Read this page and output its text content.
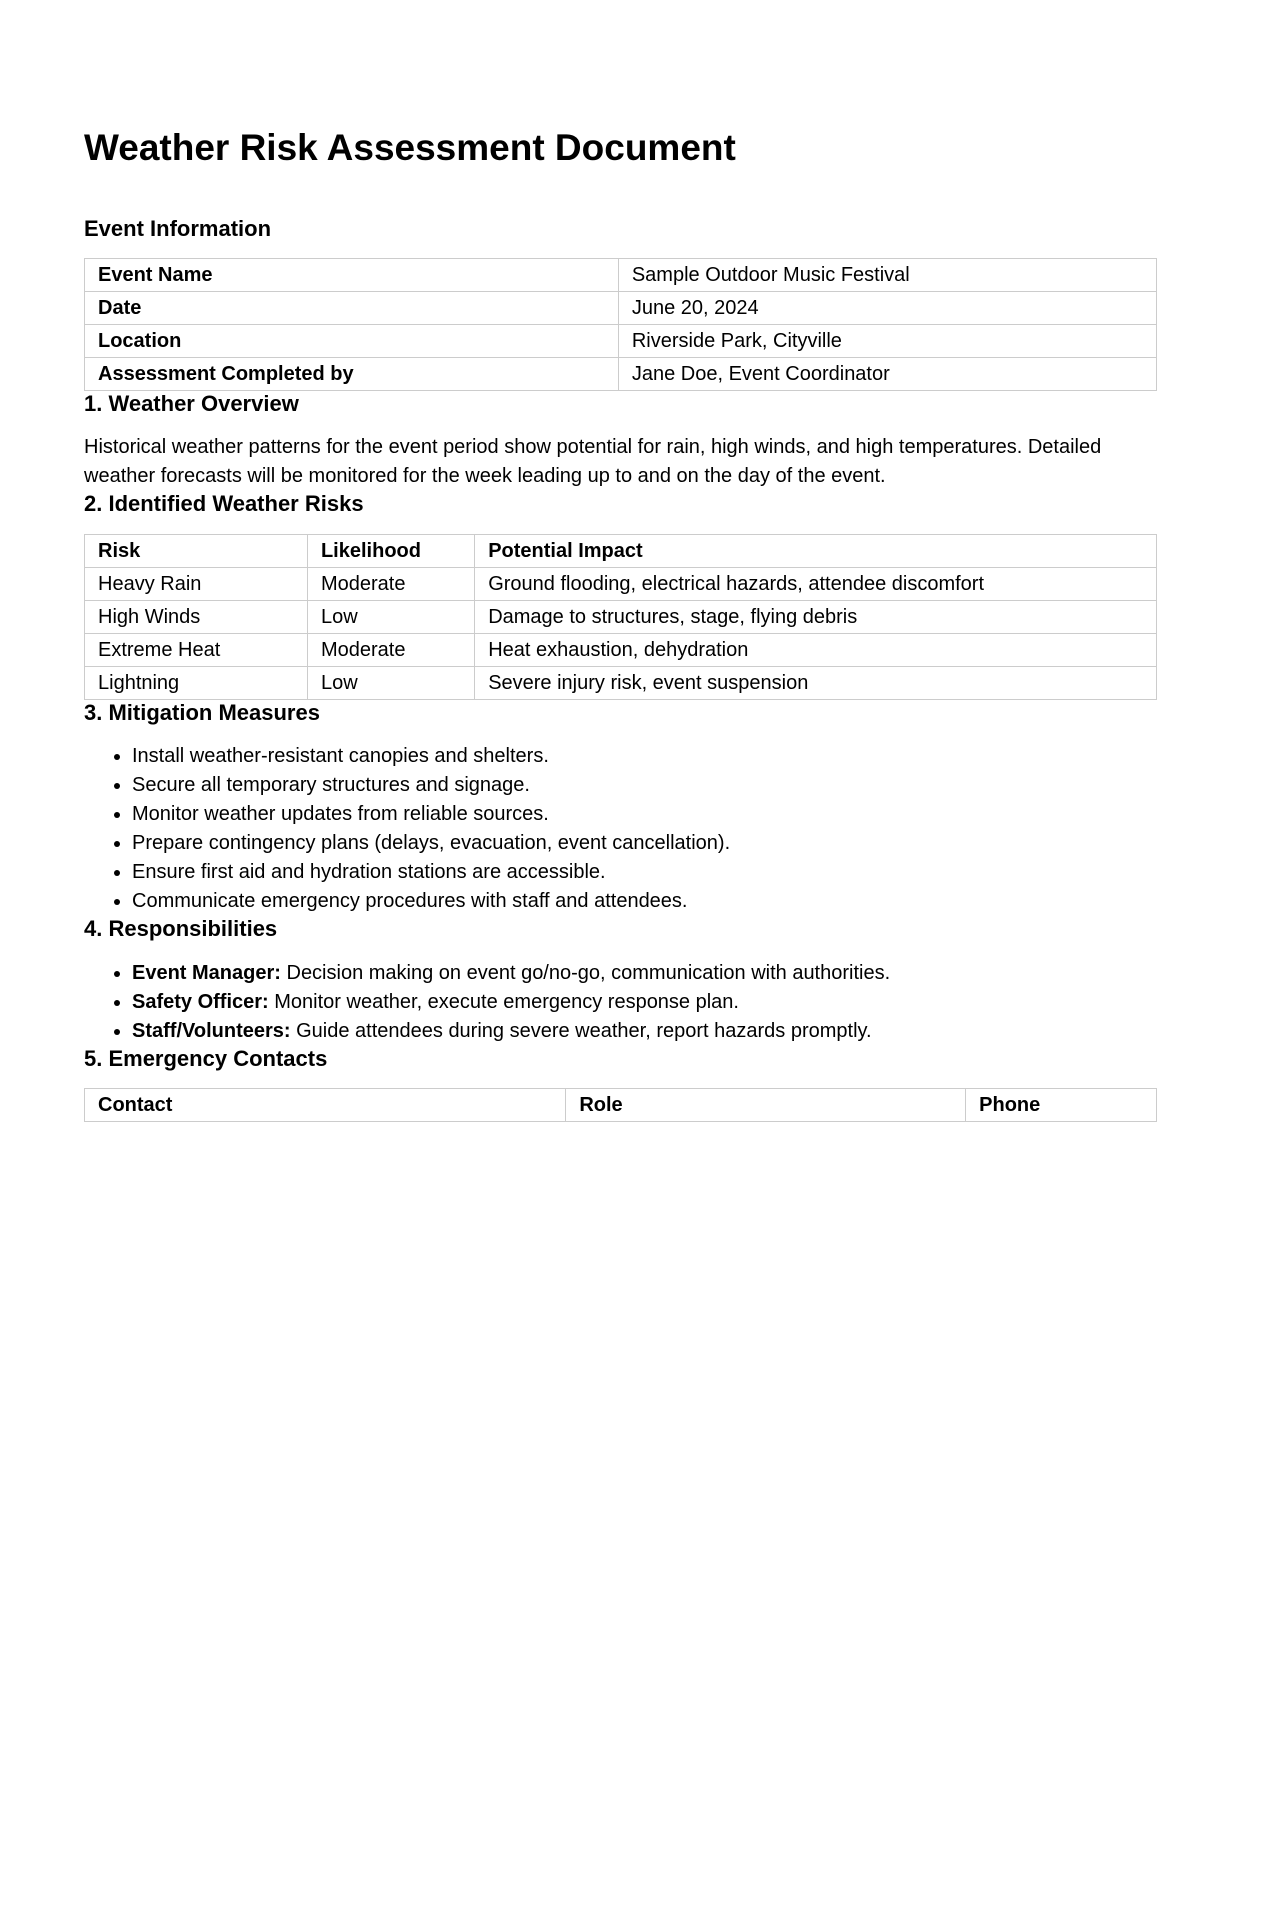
Weather Risk Assessment Document
Event Information
Event Name	Sample Outdoor Music Festival
Date	June 20, 2024
Location	Riverside Park, Cityville
Assessment Completed by	Jane Doe, Event Coordinator
1. Weather Overview

Historical weather patterns for the event period show potential for rain, high winds, and high temperatures. Detailed weather forecasts will be monitored for the week leading up to and on the day of the event.

2. Identified Weather Risks
Risk	Likelihood	Potential Impact
Heavy Rain	Moderate	Ground flooding, electrical hazards, attendee discomfort
High Winds	Low	Damage to structures, stage, flying debris
Extreme Heat	Moderate	Heat exhaustion, dehydration
Lightning	Low	Severe injury risk, event suspension
3. Mitigation Measures
• Install weather-resistant canopies and shelters.
• Secure all temporary structures and signage.
• Monitor weather updates from reliable sources.
• Prepare contingency plans (delays, evacuation, event cancellation).
• Ensure first aid and hydration stations are accessible.
• Communicate emergency procedures with staff and attendees.
4. Responsibilities
• Event Manager: Decision making on event go/no-go, communication with authorities.
• Safety Officer: Monitor weather, execute emergency response plan.
• Staff/Volunteers: Guide attendees during severe weather, report hazards promptly.
5. Emergency Contacts
Contact	Role	Phone
